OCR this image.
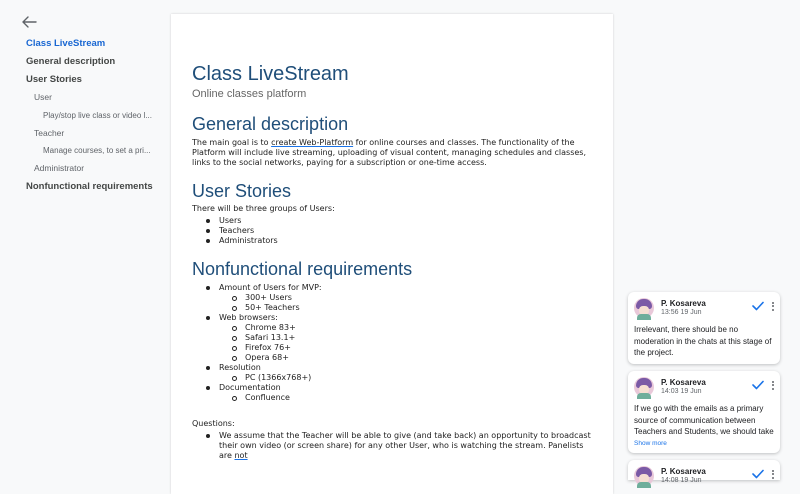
Class LiveStream
General description
User Stories
User
Play/stop live class or video l...
Teacher
Manage courses, to set a pri...
Administrator
Nonfunctional requirements
Class LiveStream
Online classes platform
General description

The main goal is to create Web-Platform for online courses and classes. The functionality of the Platform will include live streaming, uploading of visual content, managing schedules and classes, links to the social networks, paying for a subscription or one-time access.

User Stories

There will be three groups of Users:

Users
Teachers
Administrators
Nonfunctional requirements
Amount of Users for MVP:
300+ Users
50+ Teachers
Web browsers:
Chrome 83+
Safari 13.1+
Firefox 76+
Opera 68+
Resolution
PC (1366x768+)
Documentation
Confluence

Questions:

We assume that the Teacher will be able to give (and take back) an opportunity to broadcast their own video (or screen share) for any other User, who is watching the stream. Panelists are not
P. Kosareva
13:56 19 Jun
Irrelevant, there should be no moderation in the chats at this stage of the project.
P. Kosareva
14:03 19 Jun
If we go with the emails as a primary source of communication between Teachers and Students, we should take
Show more
P. Kosareva
14:08 19 Jun
